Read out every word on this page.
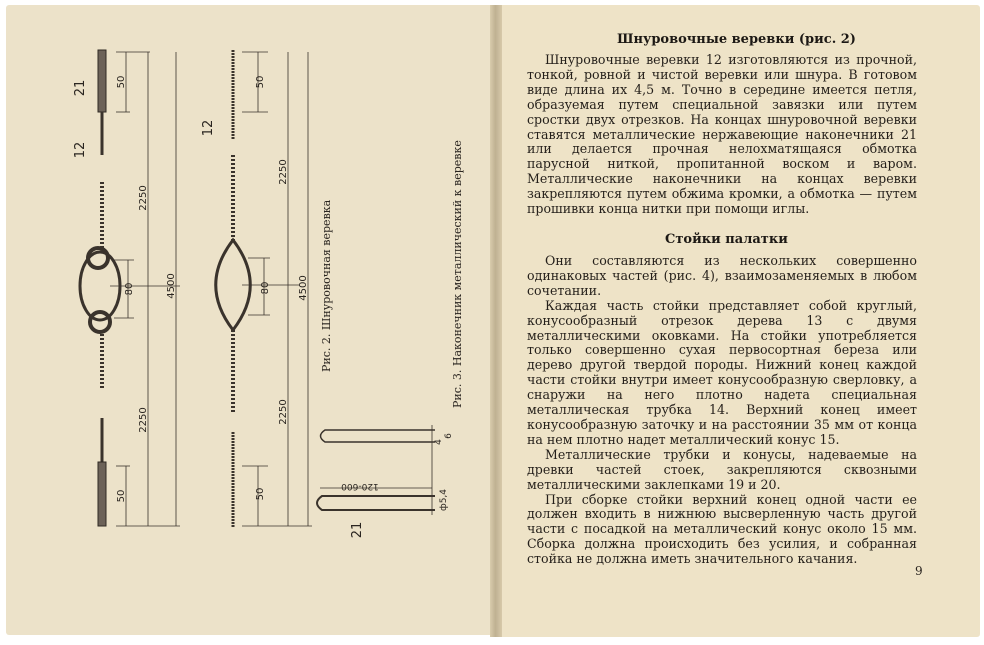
21
12
50
2250
4500
80
2250
50
12
50
2250
4500
80
2250
50
120-600
21
4
6
ф5,4
Рис. 2. Шнуровочная веревка	Рис. 3. Наконечник металлический к веревке
Шнуровочные веревки (рис. 2)

Шнуровочные веревки 12 изготовляются из прочной, тонкой, ровной и чистой веревки или шнура. В готовом виде длина их 4,5 м. Точно в середине имеется петля, образуемая путем специальной завязки или путем сростки двух отрезков. На концах шнуровочной веревки ставятся металлические нержавеющие наконечники 21 или делается прочная нелохматящаяся обмотка парусной ниткой, пропитанной воском и варом. Металлические наконечники на концах веревки закрепляются путем обжима кромки, а обмотка — путем прошивки конца нитки при помощи иглы.

Стойки палатки

Они составляются из нескольких совершенно одинаковых частей (рис. 4), взаимозаменяемых в любом сочетании.

Каждая часть стойки представляет собой круглый, конусообразный отрезок дерева 13 с двумя металлическими оковками. На стойки употребляется только совершенно сухая первосортная береза или дерево другой твердой породы. Нижний конец каждой части стойки внутри имеет конусообразную сверловку, а снаружи на него плотно надета специальная металлическая трубка 14. Верхний конец имеет конусообразную заточку и на расстоянии 35 мм от конца на нем плотно надет металлический конус 15.

Металлические трубки и конусы, надеваемые на древки частей стоек, закрепляются сквозными металлическими заклепками 19 и 20.

При сборке стойки верхний конец одной части ее должен входить в нижнюю высверленную часть другой части с посадкой на металлический конус около 15 мм. Сборка должна происходить без усилия, и собранная стойка не должна иметь значительного качания.

9
